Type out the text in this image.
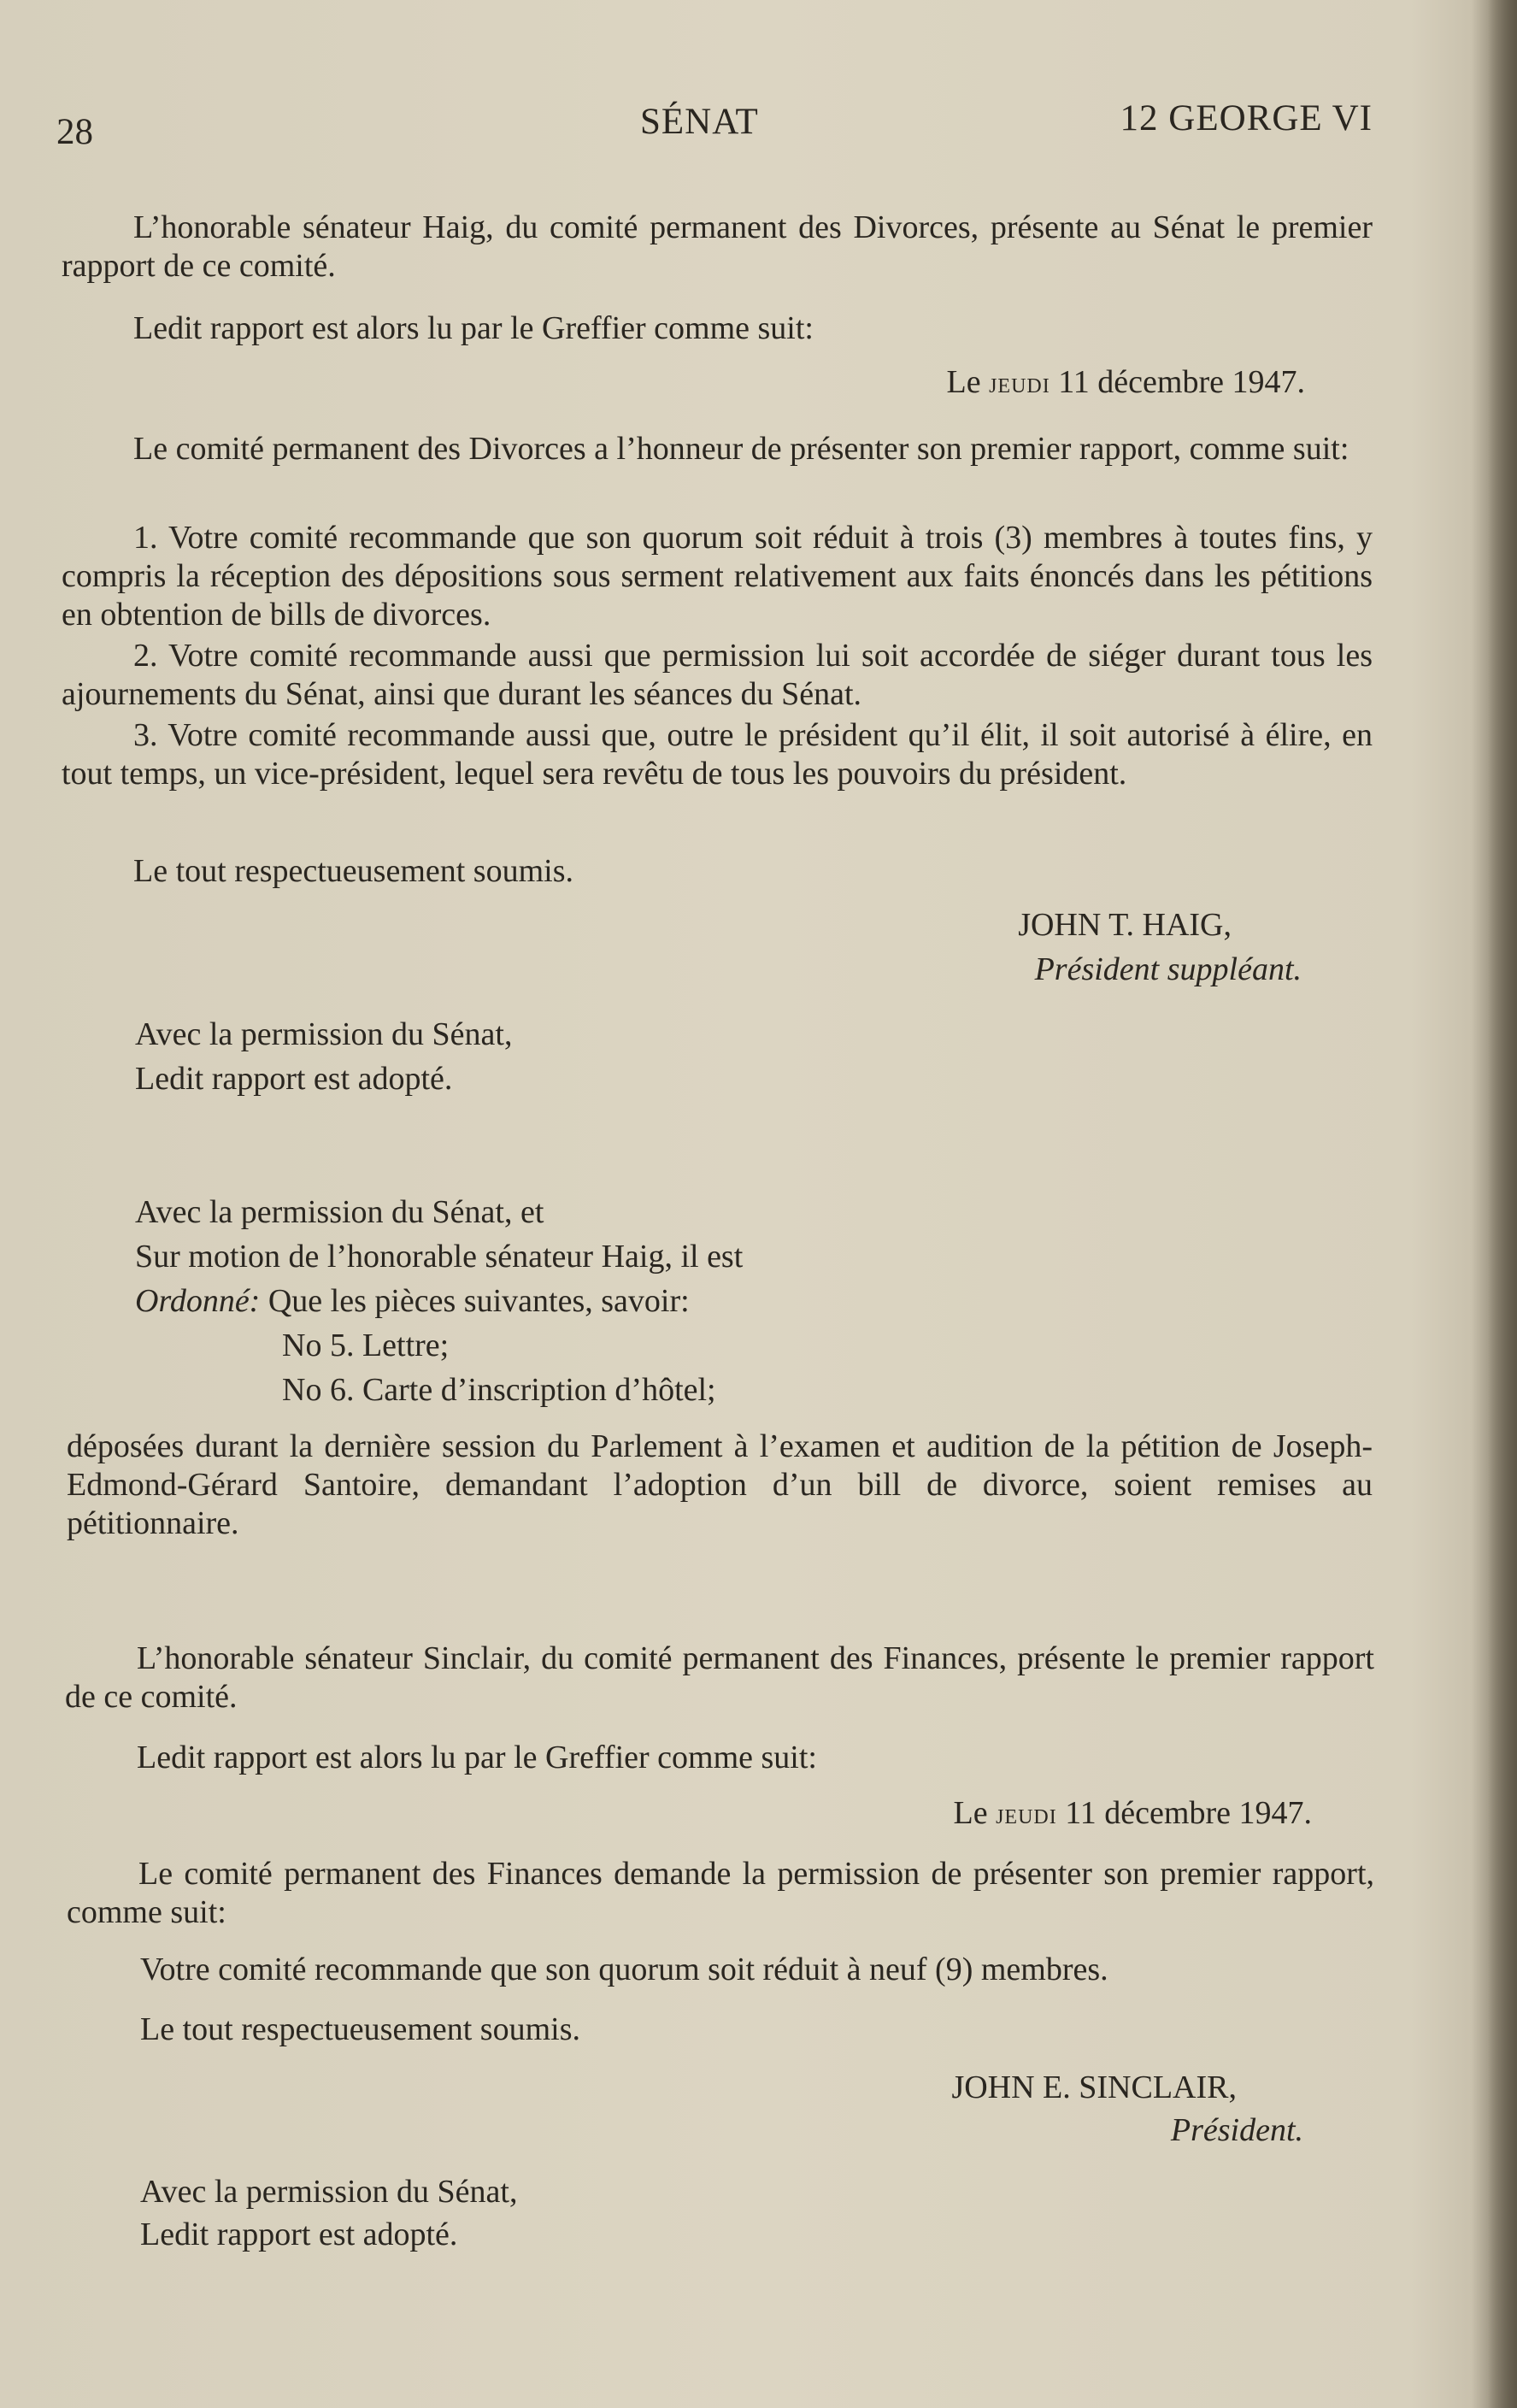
28	SÉNAT	12 GEORGE VI

L’honorable sénateur Haig, du comité permanent des Divorces, présente au Sénat le premier rapport de ce comité.

Ledit rapport est alors lu par le Greffier comme suit:

Le jeudi 11 décembre 1947.

Le comité permanent des Divorces a l’honneur de présenter son premier rapport, comme suit:

1. Votre comité recommande que son quorum soit réduit à trois (3) membres à toutes fins, y compris la réception des dépositions sous serment relativement aux faits énoncés dans les pétitions en obtention de bills de divorces.

2. Votre comité recommande aussi que permission lui soit accordée de siéger durant tous les ajournements du Sénat, ainsi que durant les séances du Sénat.

3. Votre comité recommande aussi que, outre le président qu’il élit, il soit autorisé à élire, en tout temps, un vice-président, lequel sera revêtu de tous les pouvoirs du président.

Le tout respectueusement soumis.

JOHN T. HAIG,
Président suppléant.
Avec la permission du Sénat,
Ledit rapport est adopté.
Avec la permission du Sénat, et
Sur motion de l’honorable sénateur Haig, il est
Ordonné: Que les pièces suivantes, savoir:
No 5. Lettre;
No 6. Carte d’inscription d’hôtel;

déposées durant la dernière session du Parlement à l’examen et audition de la pétition de Joseph-Edmond-Gérard Santoire, demandant l’adoption d’un bill de divorce, soient remises au pétitionnaire.

L’honorable sénateur Sinclair, du comité permanent des Finances, présente le premier rapport de ce comité.

Ledit rapport est alors lu par le Greffier comme suit:

Le jeudi 11 décembre 1947.

Le comité permanent des Finances demande la permission de présenter son premier rapport, comme suit:

Votre comité recommande que son quorum soit réduit à neuf (9) membres.
Le tout respectueusement soumis.
JOHN E. SINCLAIR,
Président.
Avec la permission du Sénat,
Ledit rapport est adopté.
